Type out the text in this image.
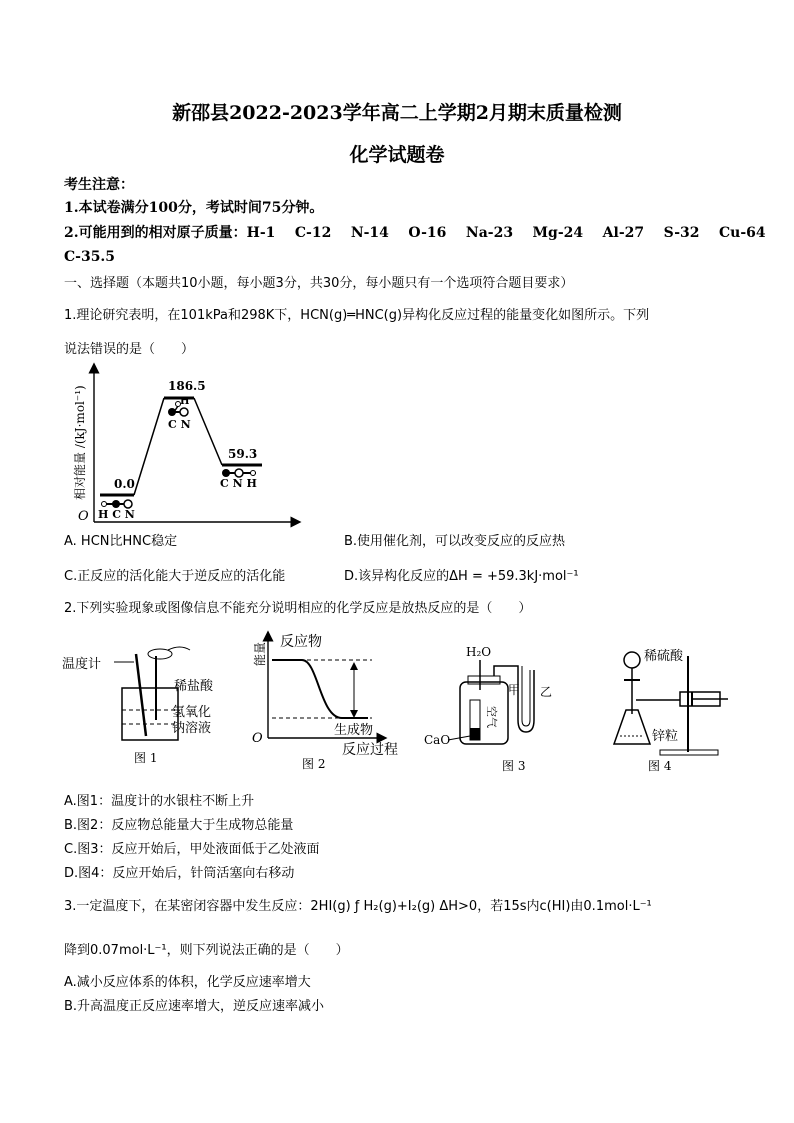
新邵县2022-2023学年高二上学期2月期末质量检测
化学试题卷
考生注意：
1.本试卷满分100分，考试时间75分钟。
2.可能用到的相对原子质量：H-1    C-12    N-14    O-16    Na-23    Mg-24    Al-27    S-32    Cu-64
C-35.5
一、选择题（本题共10小题，每小题3分，共30分，每小题只有一个选项符合题目要求）
1.理论研究表明，在101kPa和298K下，HCN(g)═HNC(g)异构化反应过程的能量变化如图所示。下列
说法错误的是（　　）
O
相对能量 /(kJ·mol⁻¹) 0.0
186.5
59.3
H C N
H
C N
C N H
A. HCN比HNC稳定	B.使用催化剂，可以改变反应的反应热
C.正反应的活化能大于逆反应的活化能	D.该异构化反应的ΔH = +59.3kJ·mol⁻¹
2.下列实验现象或图像信息不能充分说明相应的化学反应是放热反应的是（　　）
温度计
稀盐酸
氢氧化
钠溶液
图 1
能量
O
反应物
生成物
反应过程
图 2
H₂O
CaO
空气
甲 乙
图 3
稀硫酸
锌粒
图 4
A.图1：温度计的水银柱不断上升
B.图2：反应物总能量大于生成物总能量
C.图3：反应开始后，甲处液面低于乙处液面
D.图4：反应开始后，针筒活塞向右移动
3.一定温度下，在某密闭容器中发生反应：2HI(g) ƒ H₂(g)+I₂(g) ΔH>0，若15s内c(HI)由0.1mol·L⁻¹
降到0.07mol·L⁻¹，则下列说法正确的是（　　）
A.减小反应体系的体积，化学反应速率增大
B.升高温度正反应速率增大，逆反应速率减小
